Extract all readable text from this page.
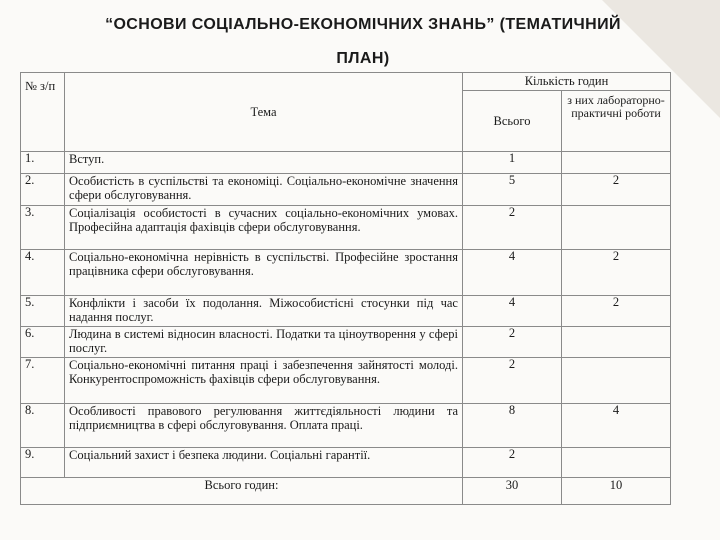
“ОСНОВИ СОЦІАЛЬНО-ЕКОНОМІЧНИХ ЗНАНЬ” (ТЕМАТИЧНИЙ
ПЛАН)
№ з/п	Тема	Кількість годин	
		Всього	з них лабораторно-практичні роботи
1.	Вступ.	1	
2.	Особистість в суспільстві та економіці. Соціально-економічне значення сфери обслуговування.	5	2
3.	Соціалізація особистості в сучасних соціально-економічних умовах. Професійна адаптація фахівців сфери обслуговування.	2	
4.	Соціально-економічна нерівність в суспільстві. Професійне зростання працівника сфери обслуговування.	4	2
5.	Конфлікти і засоби їх подолання. Міжособистісні стосунки під час надання послуг.	4	2
6.	Людина в системі відносин власності. Податки та ціноутворення у сфері послуг.	2	
7.	Соціально-економічні питання праці і забезпечення зайнятості молоді. Конкурентоспроможність фахівців сфери обслуговування.	2	
8.	Особливості правового регулювання життєдіяльності людини та підприємництва в сфері обслуговування. Оплата праці.	8	4
9.	Соціальний захист і безпека людини. Соціальні гарантії.	2	
Всього годин:		30	10
